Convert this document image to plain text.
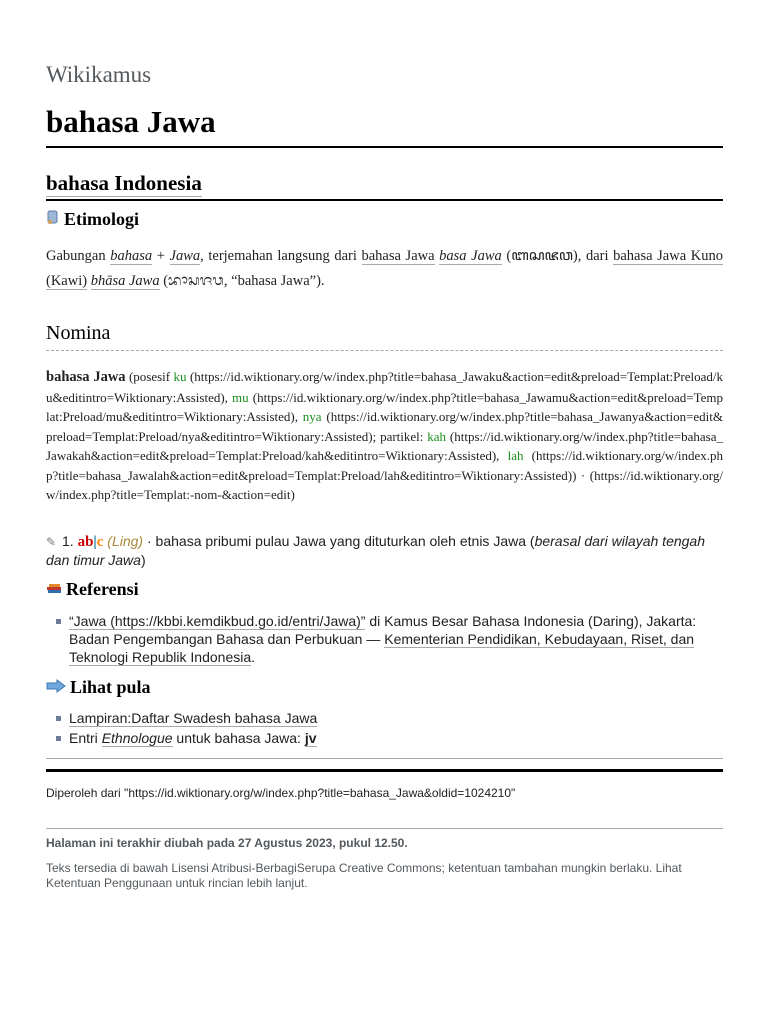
Wikikamus
bahasa Jawa
bahasa Indonesia
Etimologi
Gabungan bahasa + Jawa, terjemahan langsung dari bahasa Jawa basa Jawa (ꦧꦱꦗꦮ), dari bahasa Jawa Kuno (Kawi) bhāsa Jawa (ᬪᬵᬲᬚᬯ, “bahasa Jawa”).
Nomina
bahasa Jawa (posesif ku (https://id.wiktionary.org/w/index.php?title=bahasa_Jawaku&action=edit&preload=Templat:Preload/ku&editintro=Wiktionary:Assisted), mu (https://id.wiktionary.org/w/index.php?title=bahasa_Jawamu&action=edit&preload=Templat:Preload/mu&editintro=Wiktionary:Assisted), nya (https://id.wiktionary.org/w/index.php?title=bahasa_Jawanya&action=edit&preload=Templat:Preload/nya&editintro=Wiktionary:Assisted); partikel: kah (https://id.wiktionary.org/w/index.php?title=bahasa_Jawakah&action=edit&preload=Templat:Preload/kah&editintro=Wiktionary:Assisted), lah (https://id.wiktionary.org/w/index.php?title=bahasa_Jawalah&action=edit&preload=Templat:Preload/lah&editintro=Wiktionary:Assisted)) · (https://id.wiktionary.org/w/index.php?title=Templat:-nom-&action=edit)
✎ 1. ab|c (Ling) · bahasa pribumi pulau Jawa yang dituturkan oleh etnis Jawa (berasal dari wilayah tengah dan timur Jawa)
Referensi
“Jawa (https://kbbi.kemdikbud.go.id/entri/Jawa)” di Kamus Besar Bahasa Indonesia (Daring), Jakarta: Badan Pengembangan Bahasa dan Perbukuan — Kementerian Pendidikan, Kebudayaan, Riset, dan Teknologi Republik Indonesia.
Lihat pula
Lampiran:Daftar Swadesh bahasa Jawa
Entri Ethnologue untuk bahasa Jawa: jv
Diperoleh dari "https://id.wiktionary.org/w/index.php?title=bahasa_Jawa&oldid=1024210"
Halaman ini terakhir diubah pada 27 Agustus 2023, pukul 12.50.
Teks tersedia di bawah Lisensi Atribusi-BerbagiSerupa Creative Commons; ketentuan tambahan mungkin berlaku. Lihat Ketentuan Penggunaan untuk rincian lebih lanjut.
